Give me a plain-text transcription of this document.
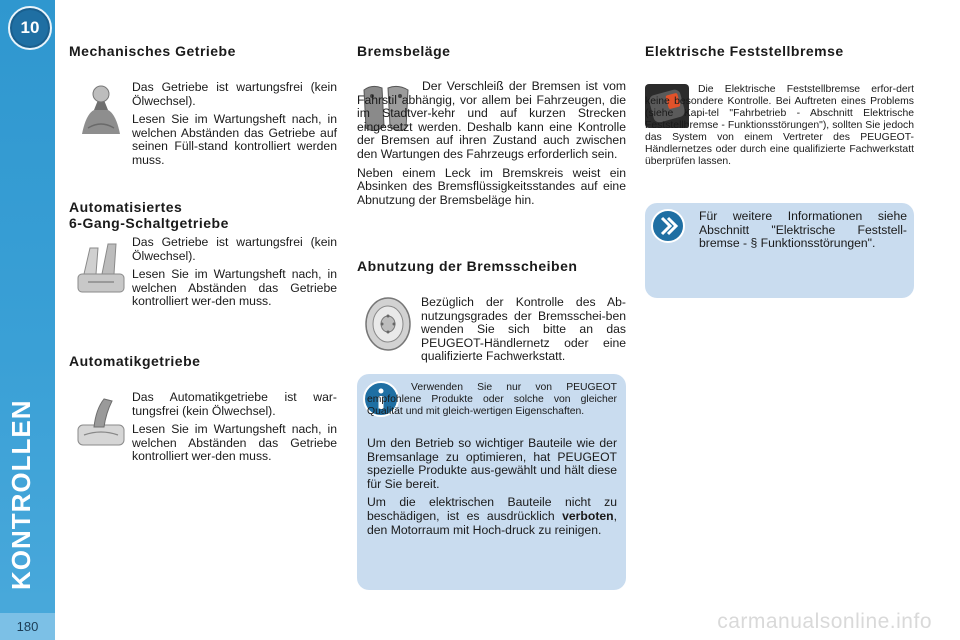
10
KONTROLLEN
180
Mechanisches Getriebe

Das Getriebe ist wartungsfrei (kein Ölwechsel).

Lesen Sie im Wartungsheft nach, in welchen Abständen das Getriebe auf seinen Füll-stand kontrolliert werden muss.

Automatisiertes
6-Gang-Schaltgetriebe

Das Getriebe ist wartungsfrei (kein Ölwechsel).

Lesen Sie im Wartungsheft nach, in welchen Abständen das Getriebe kontrolliert wer-den muss.

Automatikgetriebe

Das Automatikgetriebe ist war-tungsfrei (kein Ölwechsel).

Lesen Sie im Wartungsheft nach, in welchen Abständen das Getriebe kontrolliert wer-den muss.

Bremsbeläge

Der Verschleiß der Bremsen ist vom Fahrstil abhängig, vor allem bei Fahrzeugen, die im Stadtver-kehr und auf kurzen Strecken eingesetzt werden. Deshalb kann eine Kontrolle der Bremsen auf ihren Zustand auch zwischen den Wartungen des Fahrzeugs erforderlich sein.

Neben einem Leck im Bremskreis weist ein Absinken des Bremsflüssigkeitsstandes auf eine Abnutzung der Bremsbeläge hin.

Abnutzung der Bremsscheiben

Bezüglich der Kontrolle des Ab-nutzungsgrades der Bremsschei-ben wenden Sie sich bitte an das PEUGEOT-Händlernetz oder eine qualifizierte Fachwerkstatt.

Verwenden Sie nur von PEUGEOT empfohlene Produkte oder solche von gleicher Qualität und mit gleich-wertigen Eigenschaften.

Um den Betrieb so wichtiger Bauteile wie der Bremsanlage zu optimieren, hat PEUGEOT spezielle Produkte aus-gewählt und hält diese für Sie bereit.

Um die elektrischen Bauteile nicht zu beschädigen, ist es ausdrücklich verboten, den Motorraum mit Hoch-druck zu reinigen.

Elektrische Feststellbremse

Die Elektrische Feststellbremse erfor-dert keine besondere Kontrolle. Bei Auftreten eines Problems (siehe Kapi-tel "Fahrbetrieb - Abschnitt Elektrische Feststellbremse - Funktionsstörungen"), sollten Sie jedoch das System von einem Vertreter des PEUGEOT-Händlernetzes oder durch eine qualifizierte Fachwerkstatt überprüfen lassen.

Für weitere Informationen siehe Abschnitt "Elektrische Feststell-bremse - § Funktionsstörungen".

carmanualsonline.info
